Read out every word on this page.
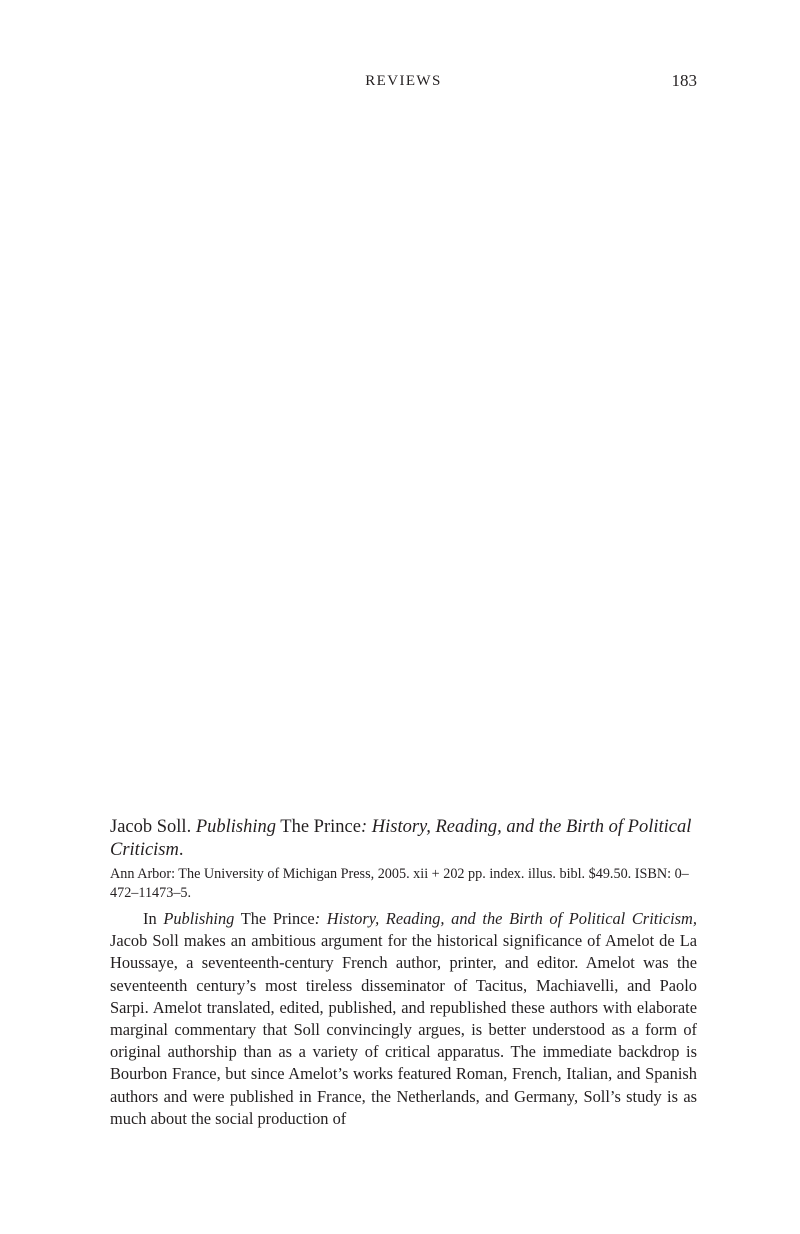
REVIEWS	183

Jacob Soll. Publishing The Prince: History, Reading, and the Birth of Political Criticism.

Ann Arbor: The University of Michigan Press, 2005. xii + 202 pp. index. illus. bibl. $49.50. ISBN: 0–472–11473–5.

In Publishing The Prince: History, Reading, and the Birth of Political Criticism, Jacob Soll makes an ambitious argument for the historical significance of Amelot de La Houssaye, a seventeenth-century French author, printer, and editor. Amelot was the seventeenth century’s most tireless disseminator of Tacitus, Machiavelli, and Paolo Sarpi. Amelot translated, edited, published, and republished these authors with elaborate marginal commentary that Soll convincingly argues, is better understood as a form of original authorship than as a variety of critical apparatus. The immediate backdrop is Bourbon France, but since Amelot’s works featured Roman, French, Italian, and Spanish authors and were published in France, the Netherlands, and Germany, Soll’s study is as much about the social production of
